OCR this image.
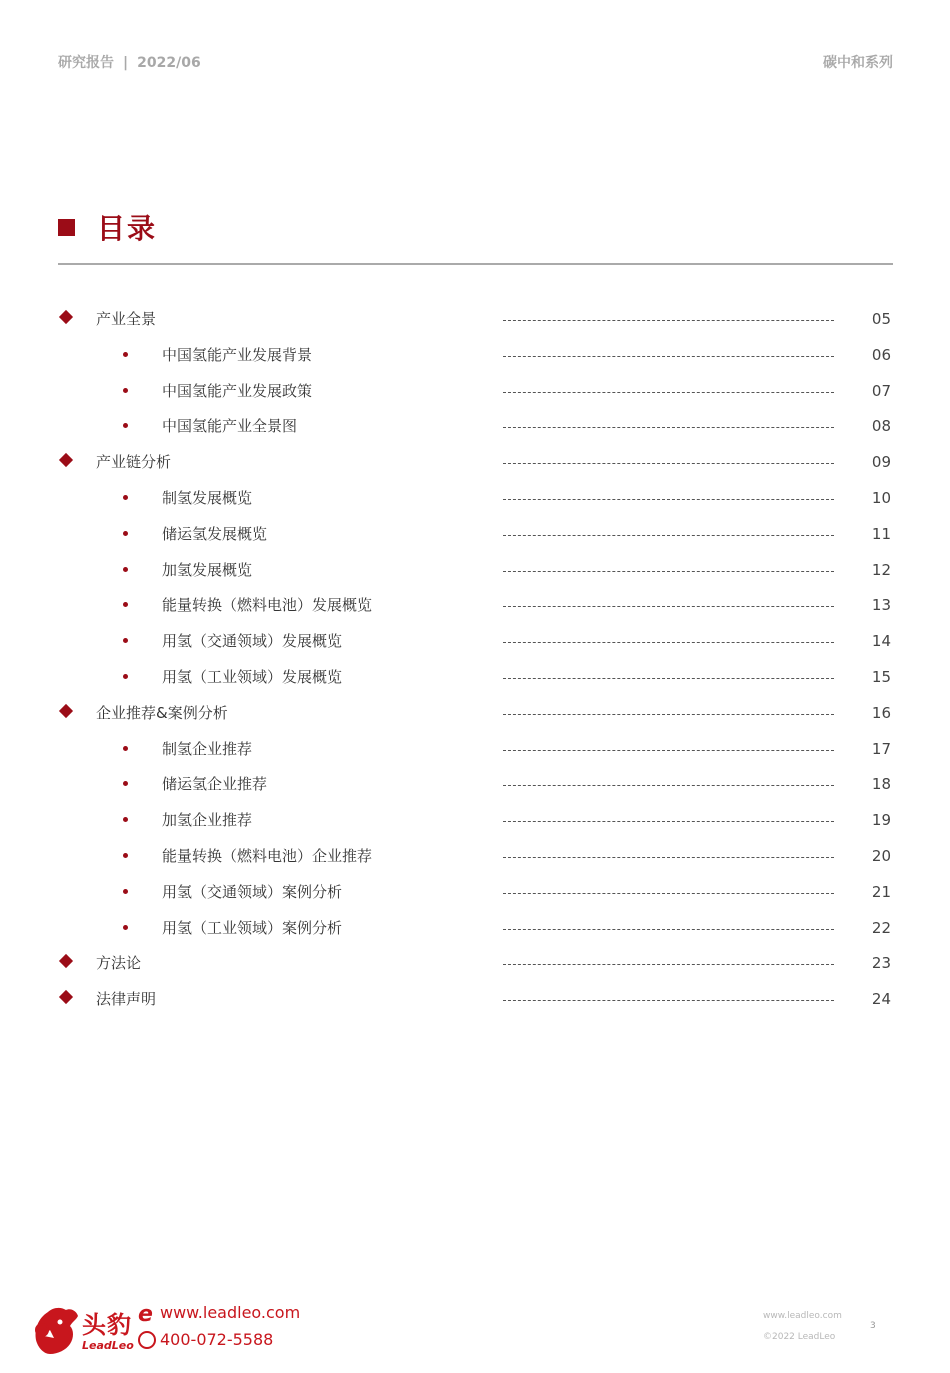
研究报告 | 2022/06	碳中和系列
目录
产业全景	05
中国氢能产业发展背景	06
中国氢能产业发展政策	07
中国氢能产业全景图	08
产业链分析	09
制氢发展概览	10
储运氢发展概览	11
加氢发展概览	12
能量转换（燃料电池）发展概览	13
用氢（交通领域）发展概览	14
用氢（工业领域）发展概览	15
企业推荐&案例分析	16
制氢企业推荐	17
储运氢企业推荐	18
加氢企业推荐	19
能量转换（燃料电池）企业推荐	20
用氢（交通领域）案例分析	21
用氢（工业领域）案例分析	22
方法论	23
法律声明	24
头豹
LeadLeo
e www.leadleo.com
400-072-5588
www.leadleo.com
©2022 LeadLeo
3
